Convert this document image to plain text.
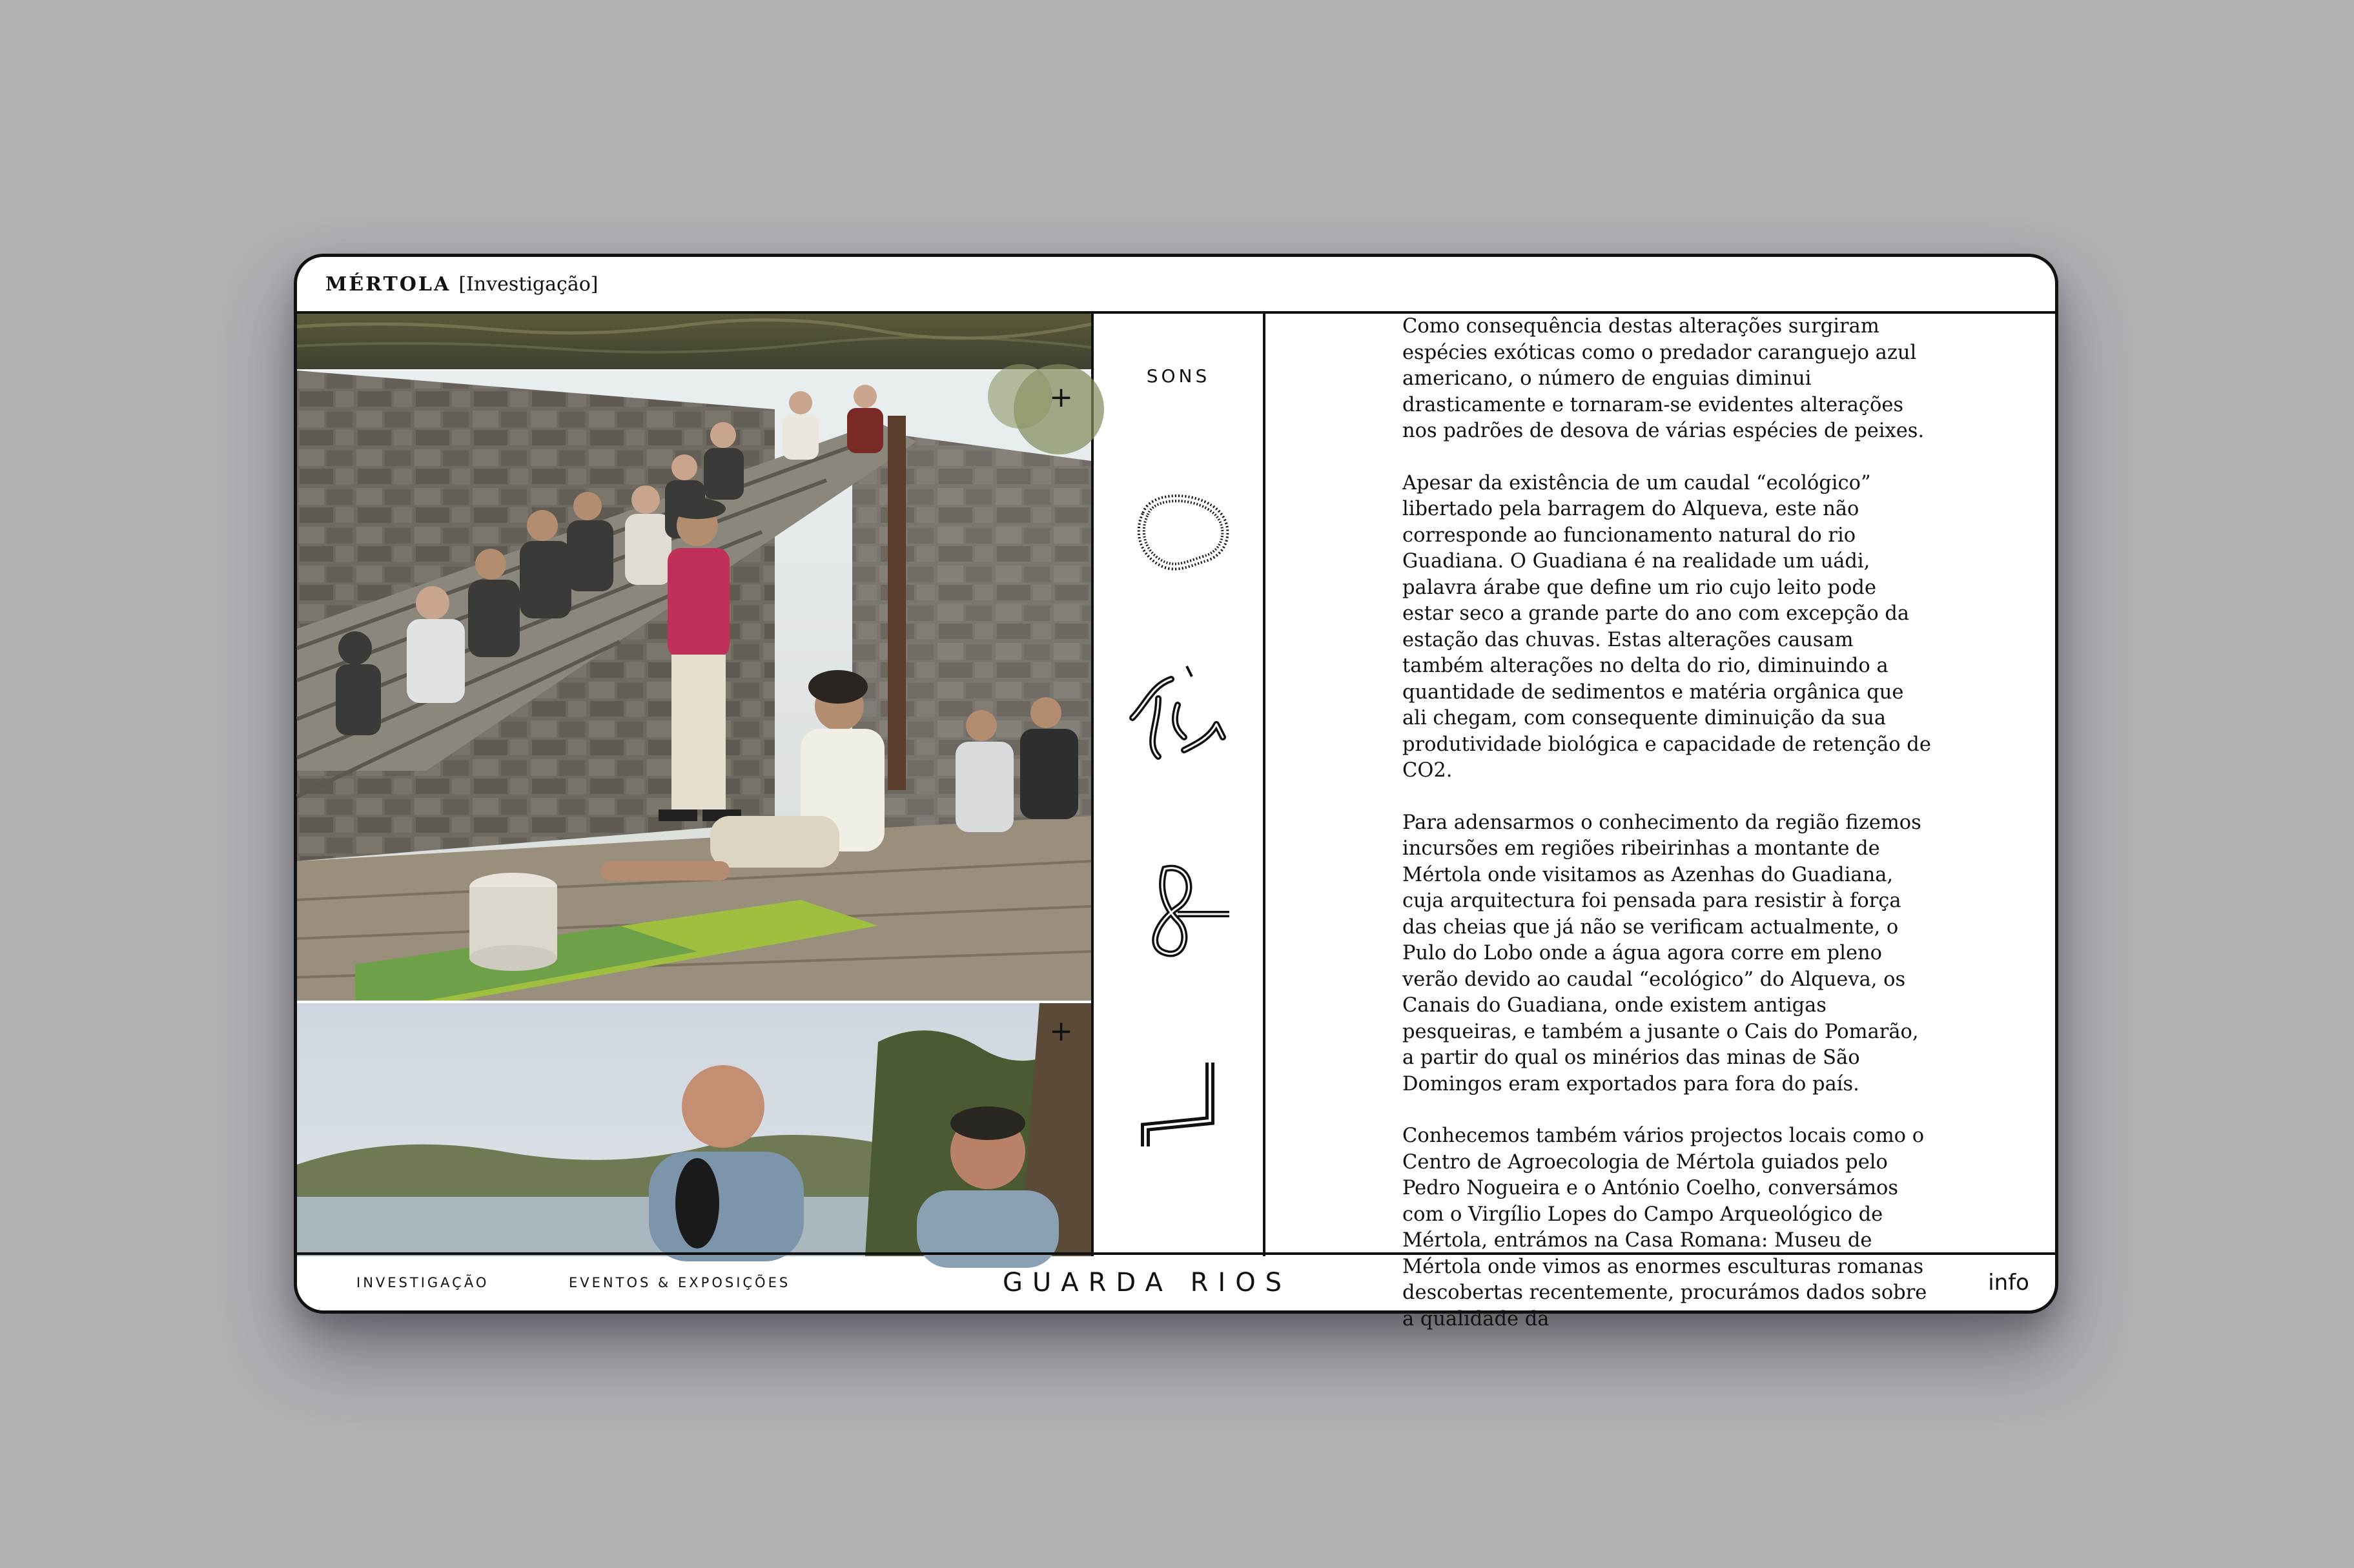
MÉRTOLA [Investigação]
+
+
SONS

Como consequência destas alterações surgiram espécies exóticas como o predador caranguejo azul americano, o número de enguias diminui drasticamente e tornaram-se evidentes alterações nos padrões de desova de várias espécies de peixes.

Apesar da existência de um caudal “ecológico” libertado pela barragem do Alqueva, este não corresponde ao funcionamento natural do rio Guadiana. O Guadiana é na realidade um uádi, palavra árabe que define um rio cujo leito pode estar seco a grande parte do ano com excepção da estação das chuvas. Estas alterações causam também alterações no delta do rio, diminuindo a quantidade de sedimentos e matéria orgânica que ali chegam, com consequente diminuição da sua produtividade biológica e capacidade de retenção de CO2.

Para adensarmos o conhecimento da região fizemos incursões em regiões ribeirinhas a montante de Mértola onde visitamos as Azenhas do Guadiana, cuja arquitectura foi pensada para resistir à força das cheias que já não se verificam actualmente, o Pulo do Lobo onde a água agora corre em pleno verão devido ao caudal “ecológico” do Alqueva, os Canais do Guadiana, onde existem antigas pesqueiras, e também a jusante o Cais do Pomarão, a partir do qual os minérios das minas de São Domingos eram exportados para fora do país.

Conhecemos também vários projectos locais como o Centro de Agroecologia de Mértola guiados pelo Pedro Nogueira e o António Coelho, conversámos com o Virgílio Lopes do Campo Arqueológico de Mértola, entrámos na Casa Romana: Museu de Mértola onde vimos as enormes esculturas romanas descobertas recentemente, procurámos dados sobre a qualidade da

INVESTIGAÇÃO	EVENTOS & EXPOSIÇÕES	GUARDA RIOS	info
